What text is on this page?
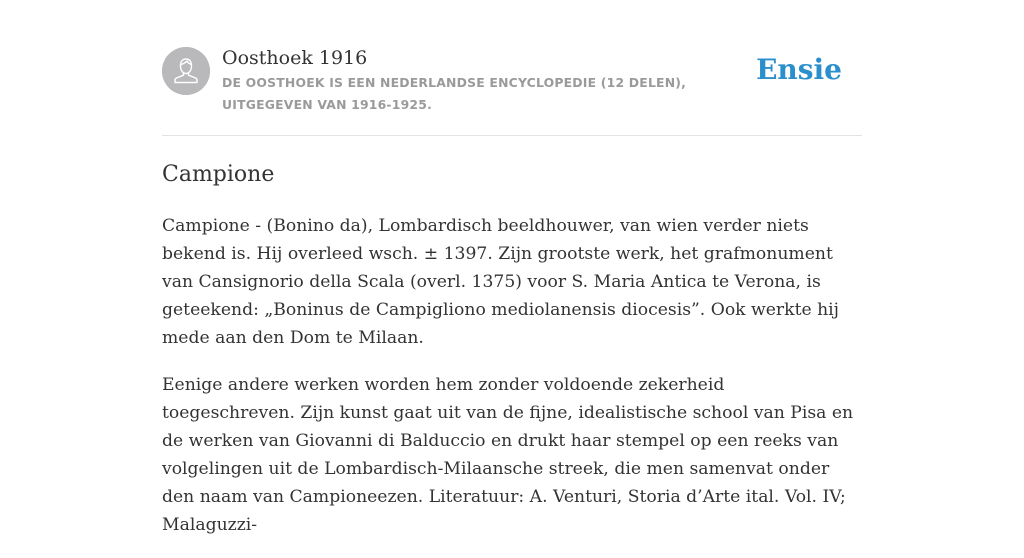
Oosthoek 1916
DE OOSTHOEK IS EEN NEDERLANDSE ENCYCLOPEDIE (12 DELEN), UITGEGEVEN VAN 1916-1925.
Ensie
Campione

Campione - (Bonino da), Lombardisch beeldhouwer, van wien verder niets bekend is. Hij overleed wsch. ± 1397. Zijn grootste werk, het grafmonument van Cansignorio della Scala (overl. 1375) voor S. Maria Antica te Verona, is geteekend: „Boninus de Campigliono mediolanensis diocesis”. Ook werkte hij mede aan den Dom te Milaan.

Eenige andere werken worden hem zonder voldoende zekerheid toegeschreven. Zijn kunst gaat uit van de fijne, idealistische school van Pisa en de werken van Giovanni di Balduccio en drukt haar stempel op een reeks van volgelingen uit de Lombardisch-Milaansche streek, die men samenvat onder den naam van Campioneezen. Literatuur: A. Venturi, Storia d’Arte ital. Vol. IV; Malaguzzi-
